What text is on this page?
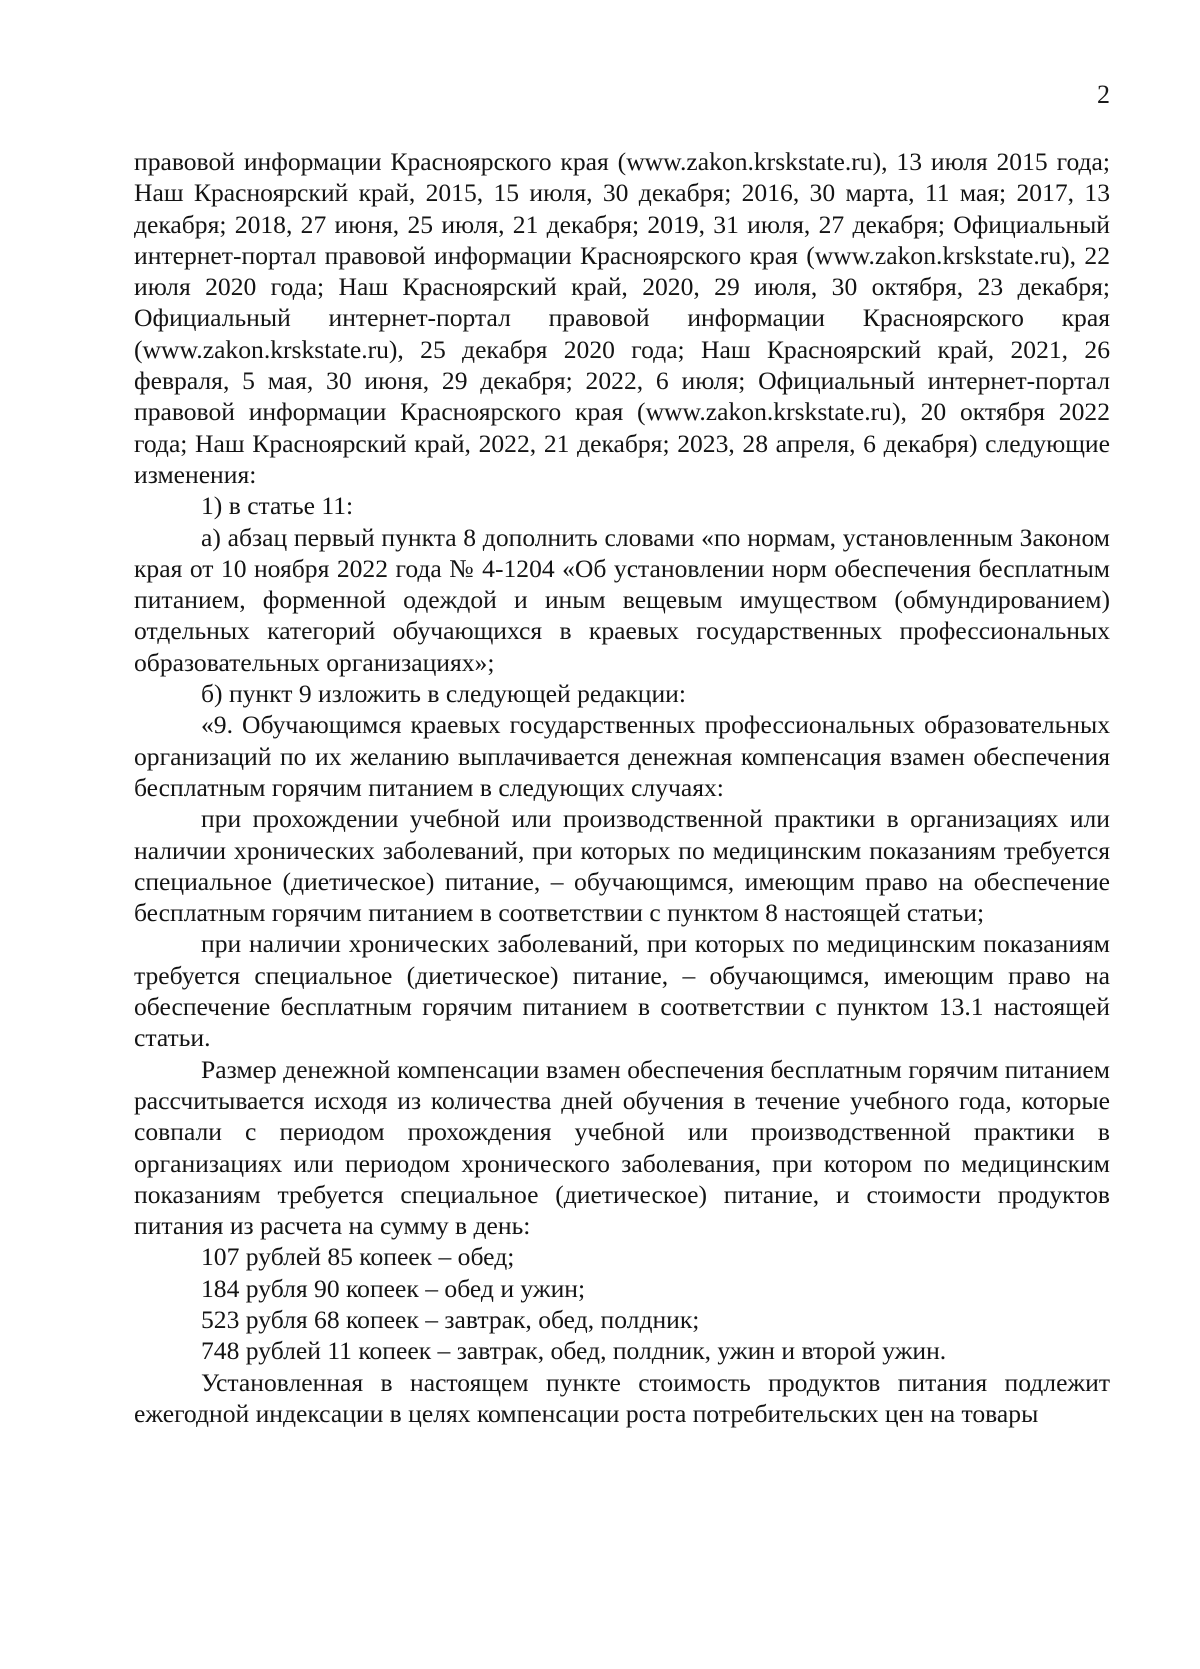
2

правовой информации Красноярского края (www.zakon.krskstate.ru), 13 июля 2015 года; Наш Красноярский край, 2015, 15 июля, 30 декабря; 2016, 30 марта, 11 мая; 2017, 13 декабря; 2018, 27 июня, 25 июля, 21 декабря; 2019, 31 июля, 27 декабря; Официальный интернет-портал правовой информации Красноярского края (www.zakon.krskstate.ru), 22 июля 2020 года; Наш Красноярский край, 2020, 29 июля, 30 октября, 23 декабря; Официальный интернет-портал правовой информации Красноярского края (www.zakon.krskstate.ru), 25 декабря 2020 года; Наш Красноярский край, 2021, 26 февраля, 5 мая, 30 июня, 29 декабря; 2022, 6 июля; Официальный интернет-портал правовой информации Красноярского края (www.zakon.krskstate.ru), 20 октября 2022 года; Наш Красноярский край, 2022, 21 декабря; 2023, 28 апреля, 6 декабря) следующие изменения:

1) в статье 11:

а) абзац первый пункта 8 дополнить словами «по нормам, установленным Законом края от 10 ноября 2022 года № 4-1204 «Об установлении норм обеспечения бесплатным питанием, форменной одеждой и иным вещевым имуществом (обмундированием) отдельных категорий обучающихся в краевых государственных профессиональных образовательных организациях»;

б) пункт 9 изложить в следующей редакции:

«9. Обучающимся краевых государственных профессиональных образовательных организаций по их желанию выплачивается денежная компенсация взамен обеспечения бесплатным горячим питанием в следующих случаях:

при прохождении учебной или производственной практики в организациях или наличии хронических заболеваний, при которых по медицинским показаниям требуется специальное (диетическое) питание, – обучающимся, имеющим право на обеспечение бесплатным горячим питанием в соответствии с пунктом 8 настоящей статьи;

при наличии хронических заболеваний, при которых по медицинским показаниям требуется специальное (диетическое) питание, – обучающимся, имеющим право на обеспечение бесплатным горячим питанием в соответствии с пунктом 13.1 настоящей статьи.

Размер денежной компенсации взамен обеспечения бесплатным горячим питанием рассчитывается исходя из количества дней обучения в течение учебного года, которые совпали с периодом прохождения учебной или производственной практики в организациях или периодом хронического заболевания, при котором по медицинским показаниям требуется специальное (диетическое) питание, и стоимости продуктов питания из расчета на сумму в день:

107 рублей 85 копеек – обед;

184 рубля 90 копеек – обед и ужин;

523 рубля 68 копеек – завтрак, обед, полдник;

748 рублей 11 копеек – завтрак, обед, полдник, ужин и второй ужин.

Установленная в настоящем пункте стоимость продуктов питания подлежит ежегодной индексации в целях компенсации роста потребительских цен на товары
